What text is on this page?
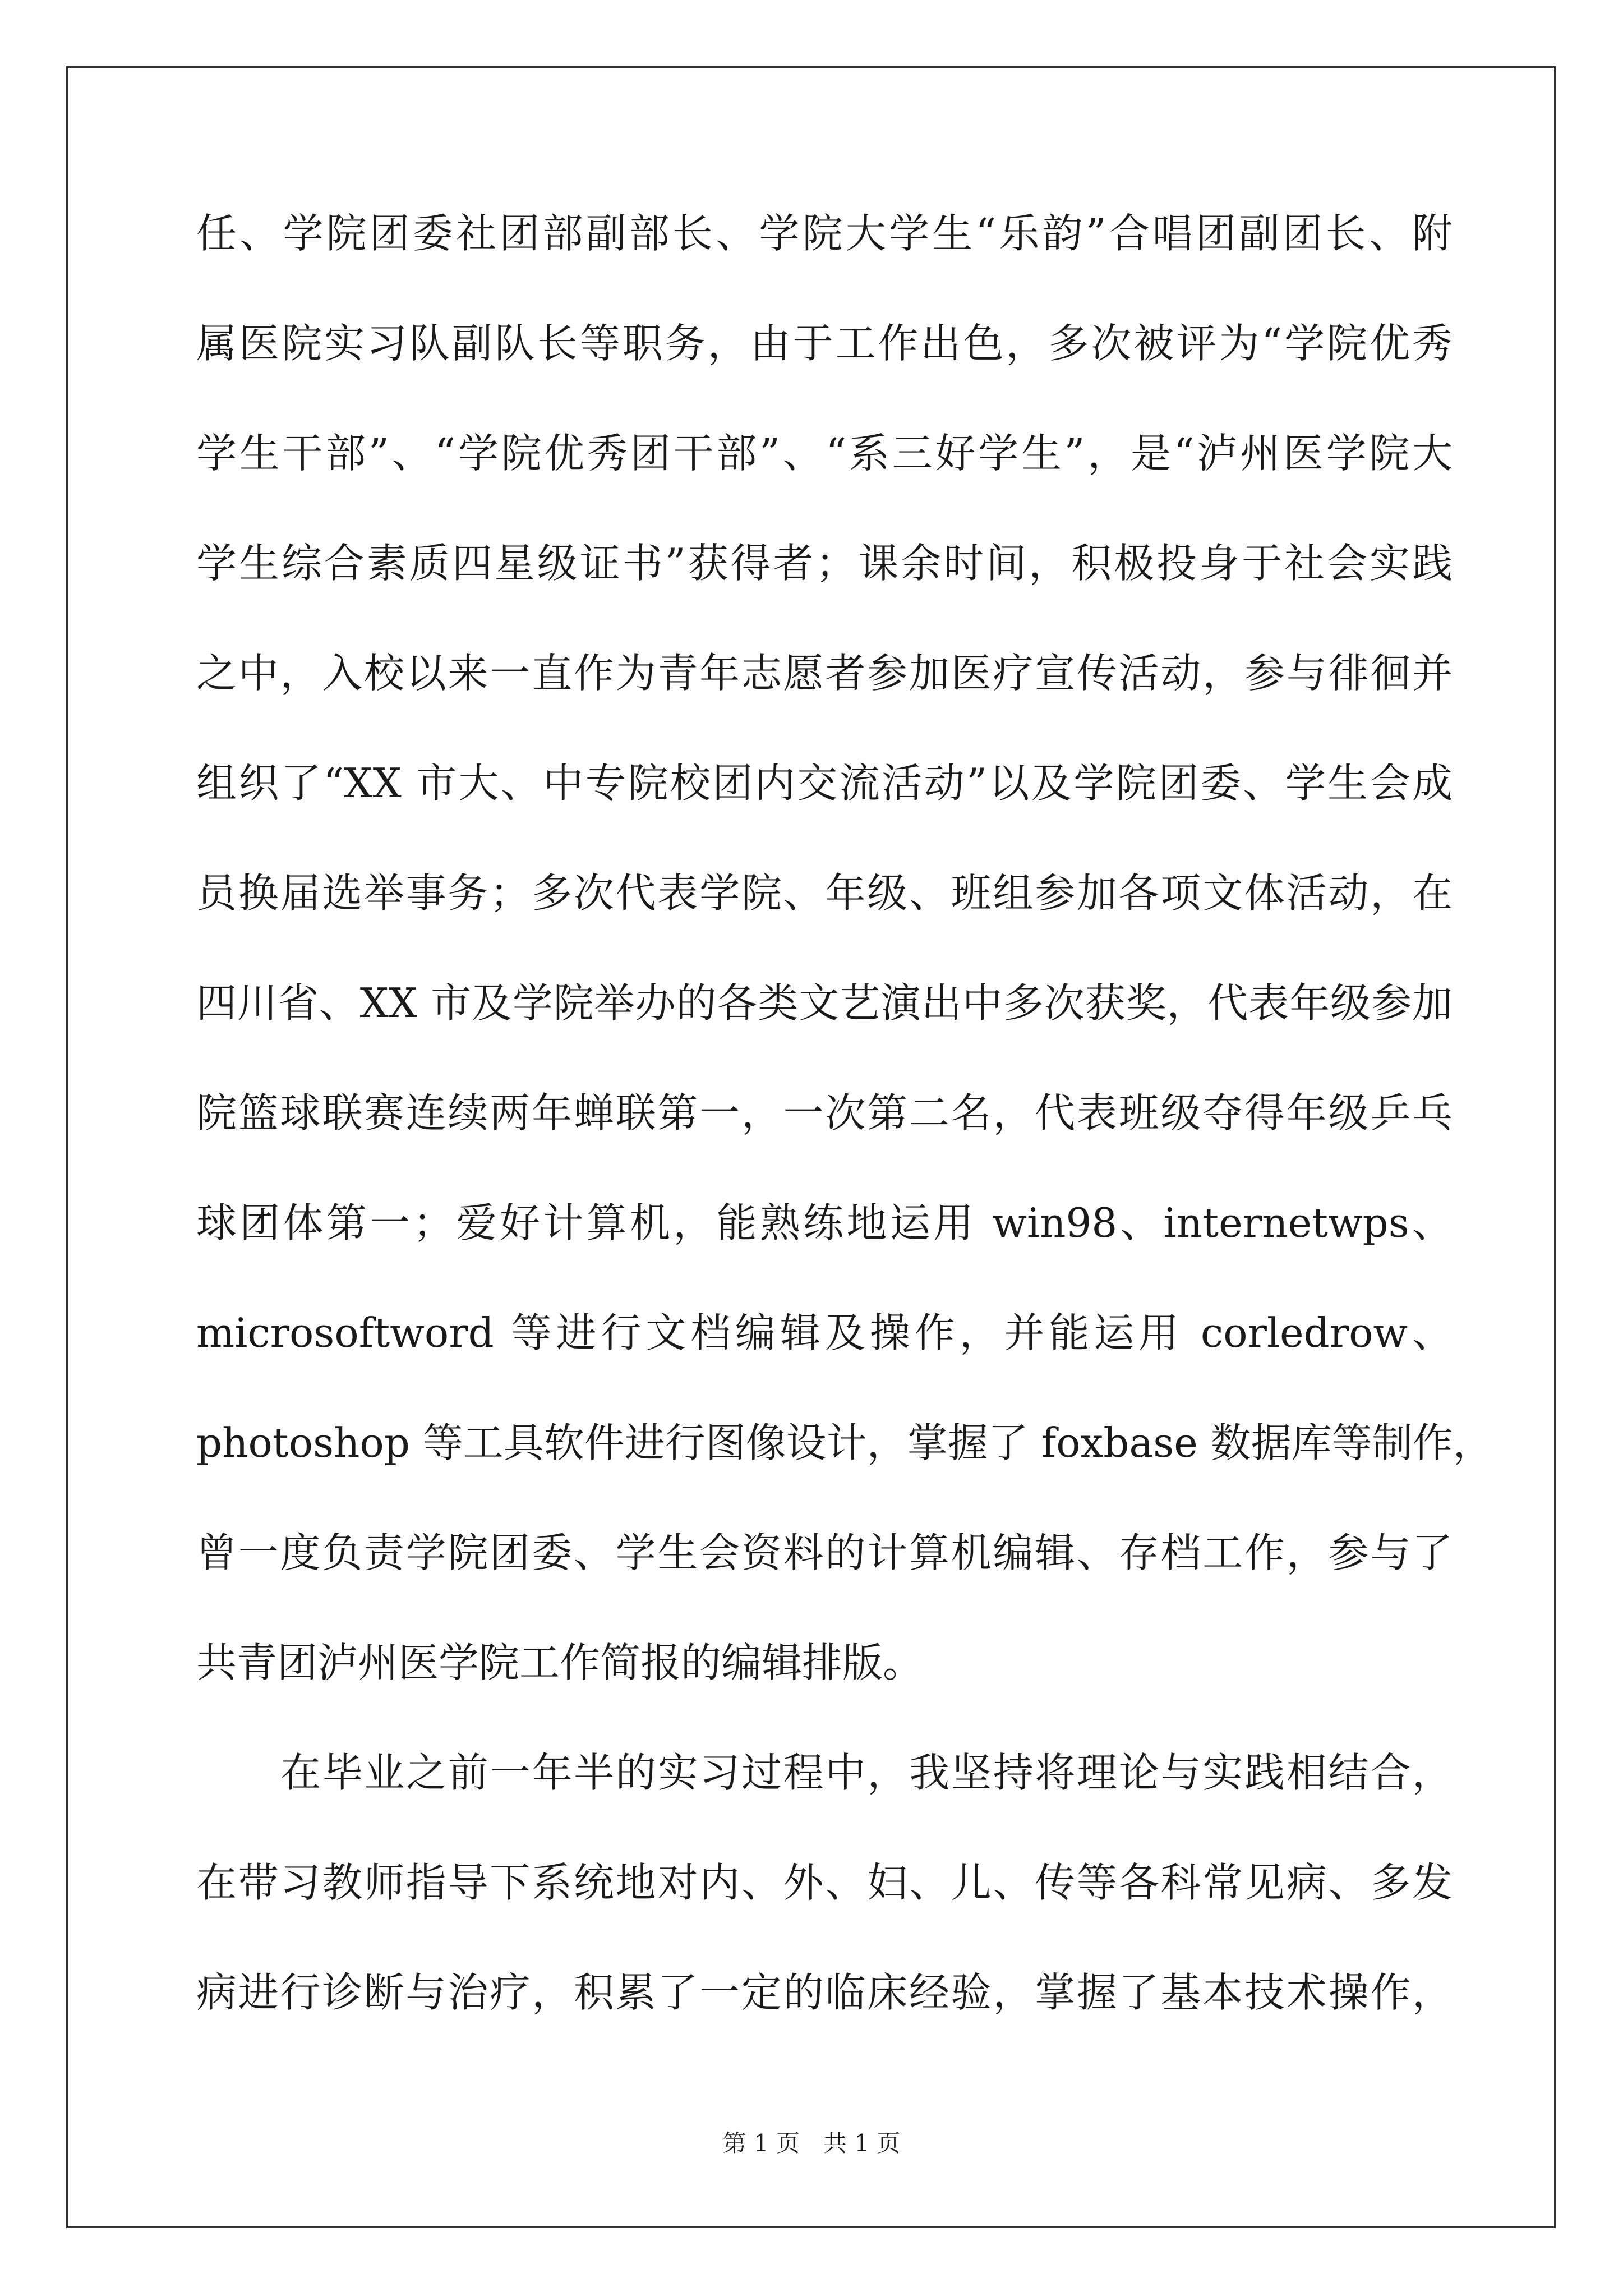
任、学院团委社团部副部长、学院大学生“乐韵”合唱团副团长、附
属医院实习队副队长等职务，由于工作出色，多次被评为“学院优秀
学生干部”、“学院优秀团干部”、“系三好学生”，是“泸州医学院大
学生综合素质四星级证书”获得者；课余时间，积极投身于社会实践
之中，入校以来一直作为青年志愿者参加医疗宣传活动，参与徘徊并
组织了“XX 市大、中专院校团内交流活动”以及学院团委、学生会成
员换届选举事务；多次代表学院、年级、班组参加各项文体活动，在
四川省、XX 市及学院举办的各类文艺演出中多次获奖，代表年级参加
院篮球联赛连续两年蝉联第一，一次第二名，代表班级夺得年级乒乓
球团体第一；爱好计算机，能熟练地运用 win98、internetwps、
microsoftword 等进行文档编辑及操作，并能运用 corledrow、
photoshop 等工具软件进行图像设计，掌握了 foxbase 数据库等制作，
曾一度负责学院团委、学生会资料的计算机编辑、存档工作，参与了
共青团泸州医学院工作简报的编辑排版。
在毕业之前一年半的实习过程中，我坚持将理论与实践相结合，
在带习教师指导下系统地对内、外、妇、儿、传等各科常见病、多发
病进行诊断与治疗，积累了一定的临床经验，掌握了基本技术操作，
第 1 页　共 1 页
